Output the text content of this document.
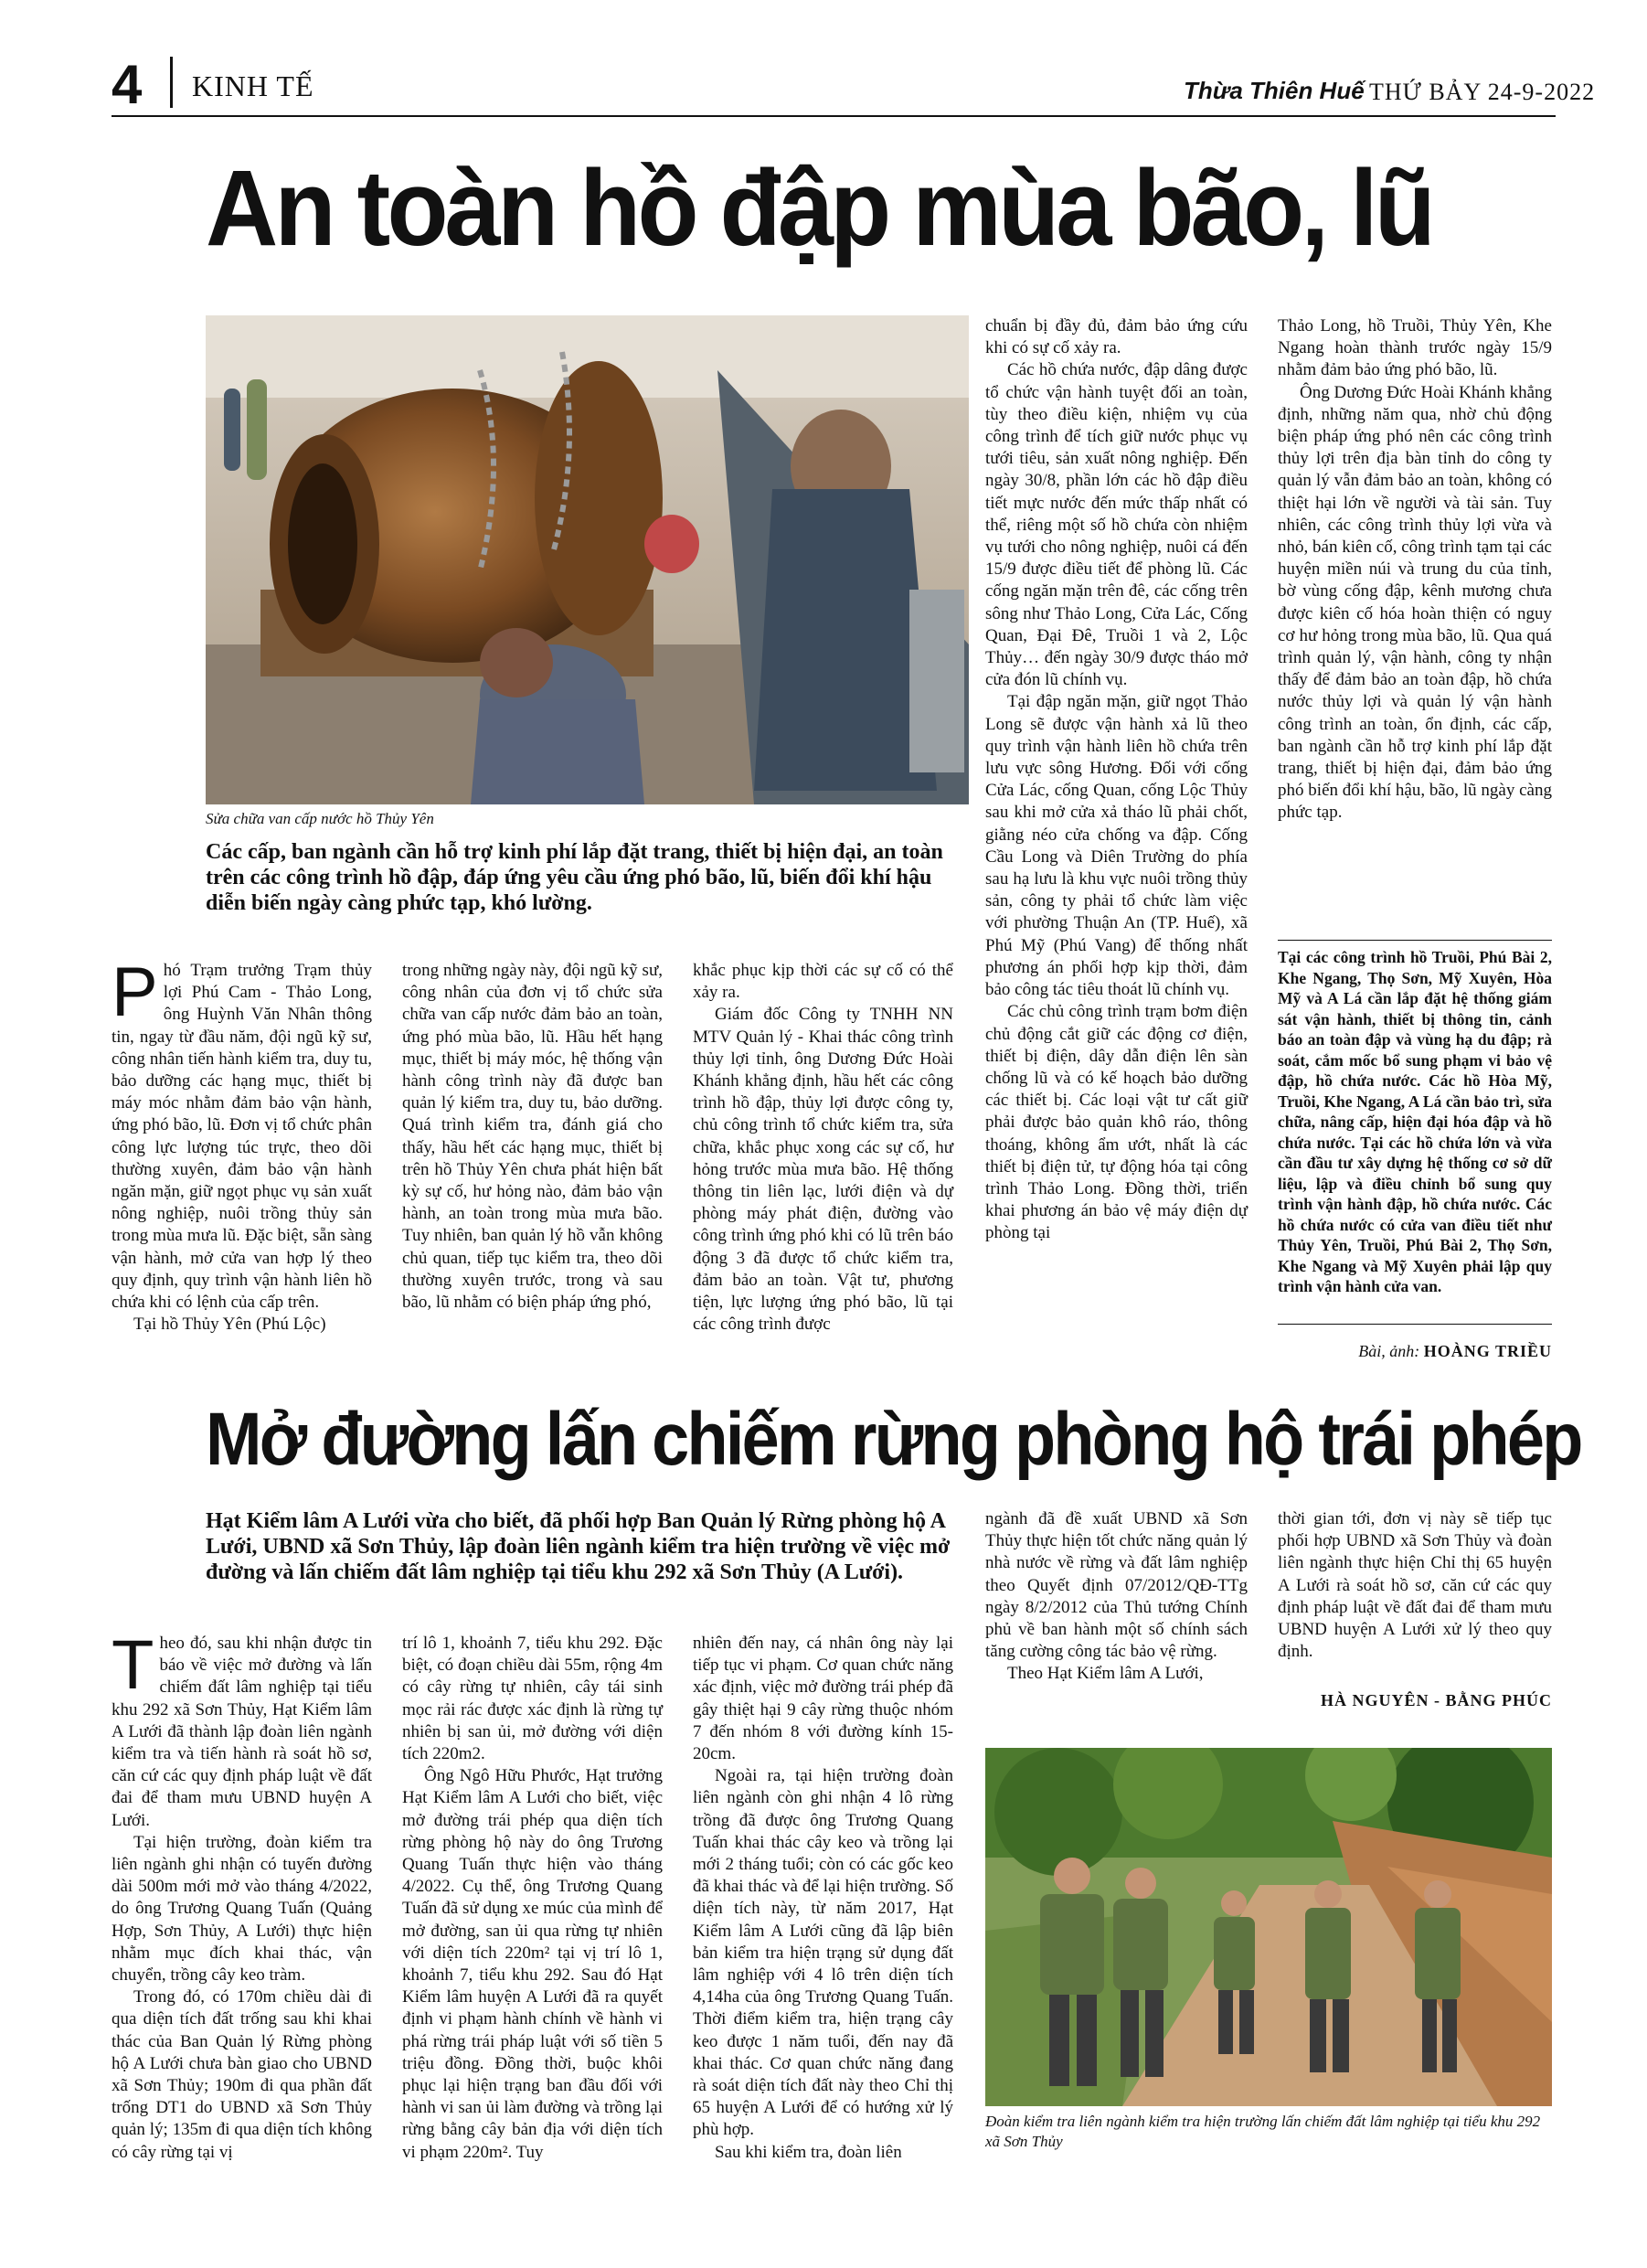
4 KINH TẾ	Thừa Thiên Huế THỨ BẢY 24-9-2022
An toàn hồ đập mùa bão, lũ
Sửa chữa van cấp nước hồ Thủy Yên
Các cấp, ban ngành cần hỗ trợ kinh phí lắp đặt trang, thiết bị hiện đại, an toàn trên các công trình hồ đập, đáp ứng yêu cầu ứng phó bão, lũ, biến đổi khí hậu diễn biến ngày càng phức tạp, khó lường.

Phó Trạm trưởng Trạm thủy lợi Phú Cam - Thảo Long, ông Huỳnh Văn Nhân thông tin, ngay từ đầu năm, đội ngũ kỹ sư, công nhân tiến hành kiểm tra, duy tu, bảo dưỡng các hạng mục, thiết bị máy móc nhằm đảm bảo vận hành, ứng phó bão, lũ. Đơn vị tổ chức phân công lực lượng túc trực, theo dõi thường xuyên, đảm bảo vận hành ngăn mặn, giữ ngọt phục vụ sản xuất nông nghiệp, nuôi trồng thủy sản trong mùa mưa lũ. Đặc biệt, sẵn sàng vận hành, mở cửa van hợp lý theo quy định, quy trình vận hành liên hồ chứa khi có lệnh của cấp trên.

Tại hồ Thủy Yên (Phú Lộc)

trong những ngày này, đội ngũ kỹ sư, công nhân của đơn vị tổ chức sửa chữa van cấp nước đảm bảo an toàn, ứng phó mùa bão, lũ. Hầu hết hạng mục, thiết bị máy móc, hệ thống vận hành công trình này đã được ban quản lý kiểm tra, duy tu, bảo dưỡng. Quá trình kiểm tra, đánh giá cho thấy, hầu hết các hạng mục, thiết bị trên hồ Thủy Yên chưa phát hiện bất kỳ sự cố, hư hỏng nào, đảm bảo vận hành, an toàn trong mùa mưa bão. Tuy nhiên, ban quản lý hồ vẫn không chủ quan, tiếp tục kiểm tra, theo dõi thường xuyên trước, trong và sau bão, lũ nhằm có biện pháp ứng phó,

khắc phục kịp thời các sự cố có thể xảy ra.

Giám đốc Công ty TNHH NN MTV Quản lý - Khai thác công trình thủy lợi tỉnh, ông Dương Đức Hoài Khánh khẳng định, hầu hết các công trình hồ đập, thủy lợi được công ty, chủ công trình tổ chức kiểm tra, sửa chữa, khắc phục xong các sự cố, hư hỏng trước mùa mưa bão. Hệ thống thông tin liên lạc, lưới điện và dự phòng máy phát điện, đường vào công trình ứng phó khi có lũ trên báo động 3 đã được tổ chức kiểm tra, đảm bảo an toàn. Vật tư, phương tiện, lực lượng ứng phó bão, lũ tại các công trình được

chuẩn bị đầy đủ, đảm bảo ứng cứu khi có sự cố xảy ra.

Các hồ chứa nước, đập dâng được tổ chức vận hành tuyệt đối an toàn, tùy theo điều kiện, nhiệm vụ của công trình để tích giữ nước phục vụ tưới tiêu, sản xuất nông nghiệp. Đến ngày 30/8, phần lớn các hồ đập điều tiết mực nước đến mức thấp nhất có thể, riêng một số hồ chứa còn nhiệm vụ tưới cho nông nghiệp, nuôi cá đến 15/9 được điều tiết để phòng lũ. Các cống ngăn mặn trên đê, các cống trên sông như Thảo Long, Cửa Lác, Cống Quan, Đại Đê, Truồi 1 và 2, Lộc Thủy… đến ngày 30/9 được tháo mở cửa đón lũ chính vụ.

Tại đập ngăn mặn, giữ ngọt Thảo Long sẽ được vận hành xả lũ theo quy trình vận hành liên hồ chứa trên lưu vực sông Hương. Đối với cống Cửa Lác, cống Quan, cống Lộc Thủy sau khi mở cửa xả tháo lũ phải chốt, giằng néo cửa chống va đập. Cống Cầu Long và Diên Trường do phía sau hạ lưu là khu vực nuôi trồng thủy sản, công ty phải tổ chức làm việc với phường Thuận An (TP. Huế), xã Phú Mỹ (Phú Vang) để thống nhất phương án phối hợp kịp thời, đảm bảo công tác tiêu thoát lũ chính vụ.

Các chủ công trình trạm bơm điện chủ động cắt giữ các động cơ điện, thiết bị điện, dây dẫn điện lên sàn chống lũ và có kế hoạch bảo dưỡng các thiết bị. Các loại vật tư cất giữ phải được bảo quản khô ráo, thông thoáng, không ẩm ướt, nhất là các thiết bị điện tử, tự động hóa tại công trình Thảo Long. Đồng thời, triển khai phương án bảo vệ máy điện dự phòng tại

Thảo Long, hồ Truồi, Thủy Yên, Khe Ngang hoàn thành trước ngày 15/9 nhằm đảm bảo ứng phó bão, lũ.

Ông Dương Đức Hoài Khánh khẳng định, những năm qua, nhờ chủ động biện pháp ứng phó nên các công trình thủy lợi trên địa bàn tỉnh do công ty quản lý vẫn đảm bảo an toàn, không có thiệt hại lớn về người và tài sản. Tuy nhiên, các công trình thủy lợi vừa và nhỏ, bán kiên cố, công trình tạm tại các huyện miền núi và trung du của tỉnh, bờ vùng cống đập, kênh mương chưa được kiên cố hóa hoàn thiện có nguy cơ hư hỏng trong mùa bão, lũ. Qua quá trình quản lý, vận hành, công ty nhận thấy để đảm bảo an toàn đập, hồ chứa nước thủy lợi và quản lý vận hành công trình an toàn, ổn định, các cấp, ban ngành cần hỗ trợ kinh phí lắp đặt trang, thiết bị hiện đại, đảm bảo ứng phó biến đổi khí hậu, bão, lũ ngày càng phức tạp.

Tại các công trình hồ Truồi, Phú Bài 2, Khe Ngang, Thọ Sơn, Mỹ Xuyên, Hòa Mỹ và A Lá cần lắp đặt hệ thống giám sát vận hành, thiết bị thông tin, cảnh báo an toàn đập và vùng hạ du đập; rà soát, cắm mốc bổ sung phạm vi bảo vệ đập, hồ chứa nước. Các hồ Hòa Mỹ, Truồi, Khe Ngang, A Lá cần bảo trì, sửa chữa, nâng cấp, hiện đại hóa đập và hồ chứa nước. Tại các hồ chứa lớn và vừa cần đầu tư xây dựng hệ thống cơ sở dữ liệu, lập và điều chỉnh bổ sung quy trình vận hành đập, hồ chứa nước. Các hồ chứa nước có cửa van điều tiết như Thủy Yên, Truồi, Phú Bài 2, Thọ Sơn, Khe Ngang và Mỹ Xuyên phải lập quy trình vận hành cửa van.
Bài, ảnh: HOÀNG TRIỀU
Mở đường lấn chiếm rừng phòng hộ trái phép
Hạt Kiểm lâm A Lưới vừa cho biết, đã phối hợp Ban Quản lý Rừng phòng hộ A Lưới, UBND xã Sơn Thủy, lập đoàn liên ngành kiểm tra hiện trường về việc mở đường và lấn chiếm đất lâm nghiệp tại tiểu khu 292 xã Sơn Thủy (A Lưới).

Theo đó, sau khi nhận được tin báo về việc mở đường và lấn chiếm đất lâm nghiệp tại tiểu khu 292 xã Sơn Thủy, Hạt Kiểm lâm A Lưới đã thành lập đoàn liên ngành kiểm tra và tiến hành rà soát hồ sơ, căn cứ các quy định pháp luật về đất đai để tham mưu UBND huyện A Lưới.

Tại hiện trường, đoàn kiểm tra liên ngành ghi nhận có tuyến đường dài 500m mới mở vào tháng 4/2022, do ông Trương Quang Tuấn (Quảng Hợp, Sơn Thủy, A Lưới) thực hiện nhằm mục đích khai thác, vận chuyển, trồng cây keo tràm.

Trong đó, có 170m chiều dài đi qua diện tích đất trống sau khi khai thác của Ban Quản lý Rừng phòng hộ A Lưới chưa bàn giao cho UBND xã Sơn Thủy; 190m đi qua phần đất trống DT1 do UBND xã Sơn Thủy quản lý; 135m đi qua diện tích không có cây rừng tại vị

trí lô 1, khoảnh 7, tiểu khu 292. Đặc biệt, có đoạn chiều dài 55m, rộng 4m có cây rừng tự nhiên, cây tái sinh mọc rải rác được xác định là rừng tự nhiên bị san ủi, mở đường với diện tích 220m2.

Ông Ngô Hữu Phước, Hạt trưởng Hạt Kiểm lâm A Lưới cho biết, việc mở đường trái phép qua diện tích rừng phòng hộ này do ông Trương Quang Tuấn thực hiện vào tháng 4/2022. Cụ thể, ông Trương Quang Tuấn đã sử dụng xe múc của mình để mở đường, san ủi qua rừng tự nhiên với diện tích 220m² tại vị trí lô 1, khoảnh 7, tiểu khu 292. Sau đó Hạt Kiểm lâm huyện A Lưới đã ra quyết định vi phạm hành chính về hành vi phá rừng trái pháp luật với số tiền 5 triệu đồng. Đồng thời, buộc khôi phục lại hiện trạng ban đầu đối với hành vi san ủi làm đường và trồng lại rừng bằng cây bản địa với diện tích vi phạm 220m². Tuy

nhiên đến nay, cá nhân ông này lại tiếp tục vi phạm. Cơ quan chức năng xác định, việc mở đường trái phép đã gây thiệt hại 9 cây rừng thuộc nhóm 7 đến nhóm 8 với đường kính 15-20cm.

Ngoài ra, tại hiện trường đoàn liên ngành còn ghi nhận 4 lô rừng trồng đã được ông Trương Quang Tuấn khai thác cây keo và trồng lại mới 2 tháng tuổi; còn có các gốc keo đã khai thác và để lại hiện trường. Số diện tích này, từ năm 2017, Hạt Kiểm lâm A Lưới cũng đã lập biên bản kiểm tra hiện trạng sử dụng đất lâm nghiệp với 4 lô trên diện tích 4,14ha của ông Trương Quang Tuấn. Thời điểm kiểm tra, hiện trạng cây keo được 1 năm tuổi, đến nay đã khai thác. Cơ quan chức năng đang rà soát diện tích đất này theo Chỉ thị 65 huyện A Lưới để có hướng xử lý phù hợp.

Sau khi kiểm tra, đoàn liên

ngành đã đề xuất UBND xã Sơn Thủy thực hiện tốt chức năng quản lý nhà nước về rừng và đất lâm nghiệp theo Quyết định 07/2012/QĐ-TTg ngày 8/2/2012 của Thủ tướng Chính phủ về ban hành một số chính sách tăng cường công tác bảo vệ rừng.

Theo Hạt Kiểm lâm A Lưới,

thời gian tới, đơn vị này sẽ tiếp tục phối hợp UBND xã Sơn Thủy và đoàn liên ngành thực hiện Chỉ thị 65 huyện A Lưới rà soát hồ sơ, căn cứ các quy định pháp luật về đất đai để tham mưu UBND huyện A Lưới xử lý theo quy định.

HÀ NGUYÊN - BẰNG PHÚC
Đoàn kiểm tra liên ngành kiểm tra hiện trường lấn chiếm đất lâm nghiệp tại tiểu khu 292 xã Sơn Thủy
